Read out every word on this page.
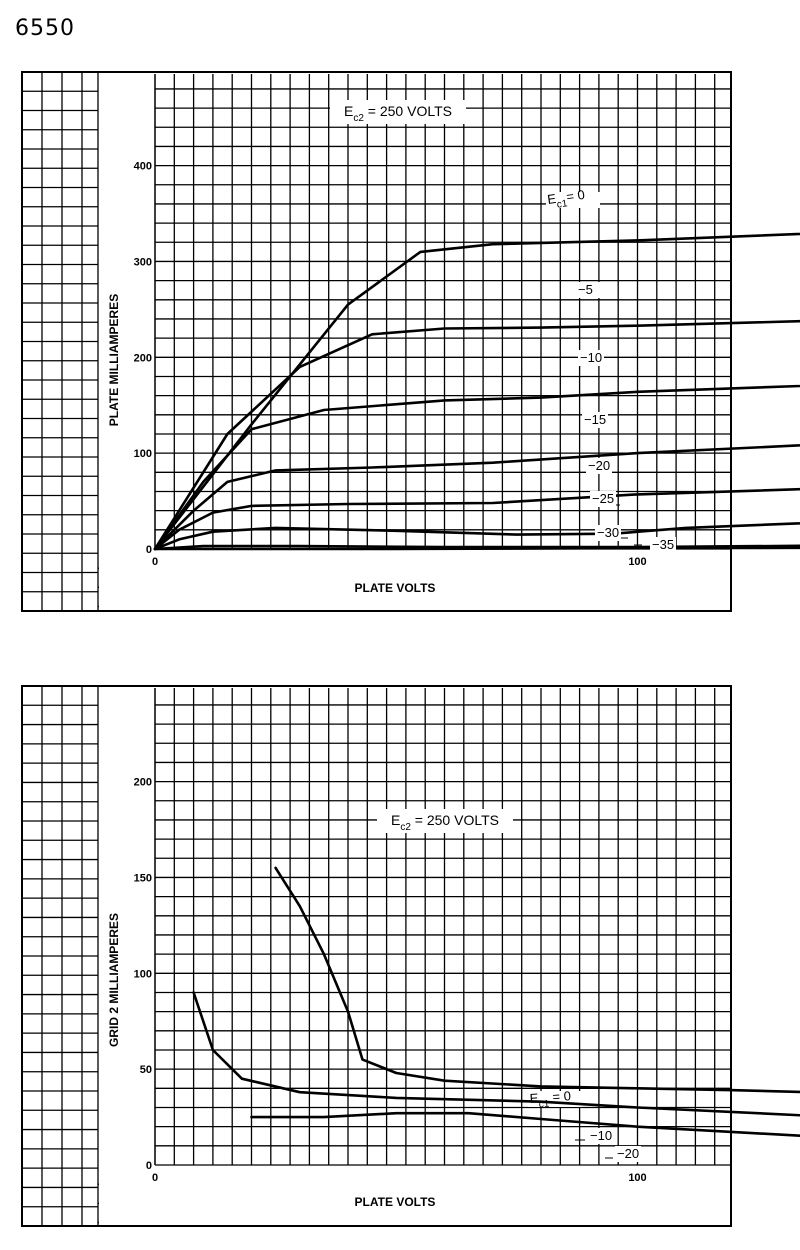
6550
0	100
100
200
300
400
0
PLATE VOLTS
PLATE MILLIAMPERES
$E_{c2} = 250$ VOLTS
$E_{c1}= 0$
−5
−10
−15
−20
−25
−30
−35
0	100
50
100
150
200
0
PLATE VOLTS
GRID 2 MILLIAMPERES
$E_{c2} = 250$ VOLTS
$E_{c1} = 0$
−10
−20
